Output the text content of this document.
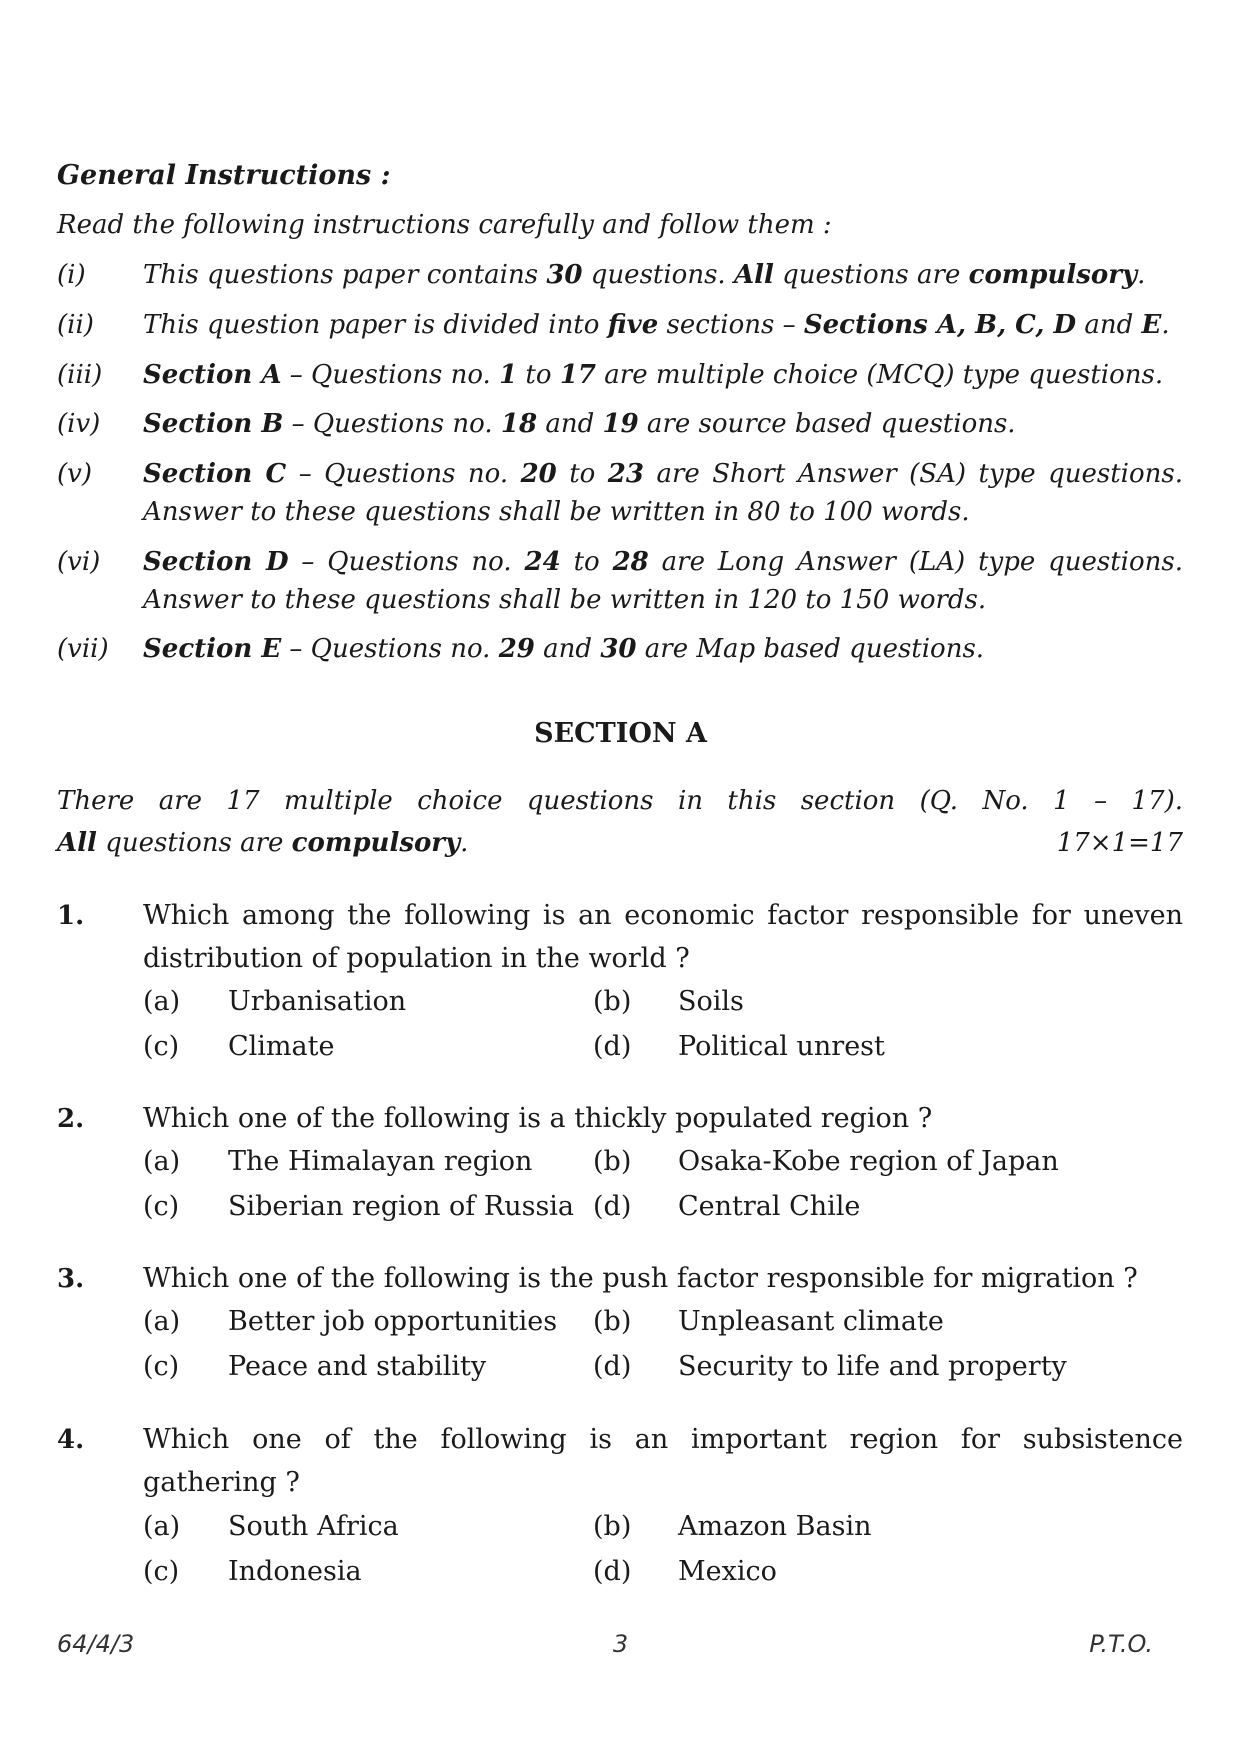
General Instructions :
Read the following instructions carefully and follow them :
(i) This questions paper contains 30 questions. All questions are compulsory.
(ii) This question paper is divided into five sections – Sections A, B, C, D and E.
(iii) Section A – Questions no. 1 to 17 are multiple choice (MCQ) type questions.
(iv) Section B – Questions no. 18 and 19 are source based questions.
(v) Section C – Questions no. 20 to 23 are Short Answer (SA) type questions.
Answer to these questions shall be written in 80 to 100 words.
(vi) Section D – Questions no. 24 to 28 are Long Answer (LA) type questions.
Answer to these questions shall be written in 120 to 150 words.
(vii) Section E – Questions no. 29 and 30 are Map based questions.
SECTION A
There are 17 multiple choice questions in this section (Q. No. 1 – 17).
All questions are compulsory.	17×1=17
1. Which among the following is an economic factor responsible for uneven
distribution of population in the world ?
(a) Urbanisation	(b) Soils
(c) Climate	(d) Political unrest
2. Which one of the following is a thickly populated region ?
(a) The Himalayan region (b) Osaka-Kobe region of Japan
(c) Siberian region of Russia (d) Central Chile
3. Which one of the following is the push factor responsible for migration ?
(a) Better job opportunities (b) Unpleasant climate
(c) Peace and stability	(d) Security to life and property
4. Which one of the following is an important region for subsistence
gathering ?
(a) South Africa	(b) Amazon Basin
(c) Indonesia	(d) Mexico
64/4/3	3	P.T.O.
